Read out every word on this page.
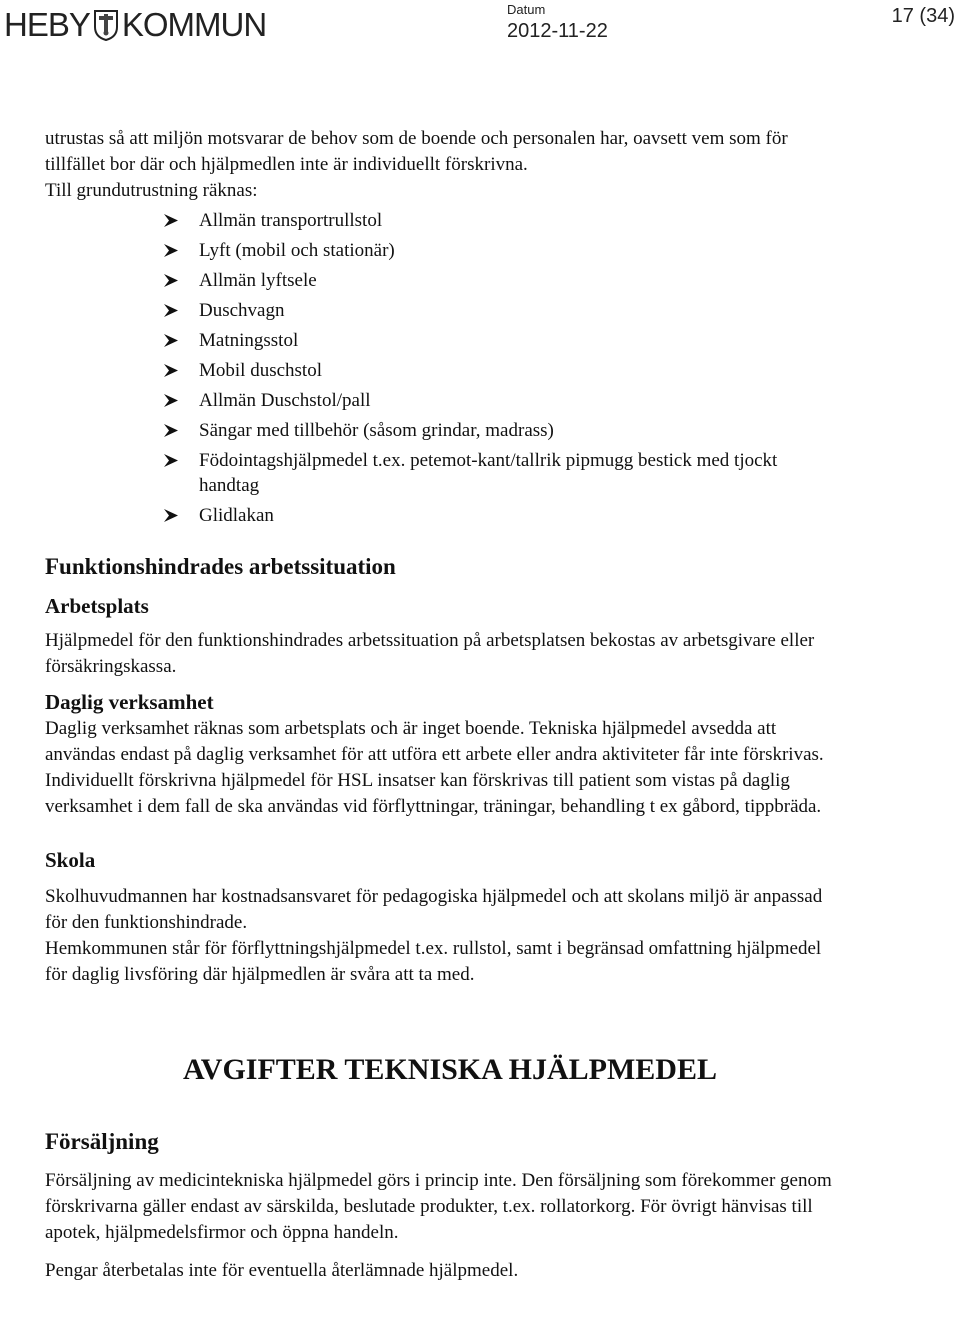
HEBY KOMMUN	Datum
2012-11-22
17 (34)

utrustas så att miljön motsvarar de behov som de boende och personalen har, oavsett vem som för tillfället bor där och hjälpmedlen inte är individuellt förskrivna.

Till grundutrustning räknas:

Allmän transportrullstol
Lyft (mobil och stationär)
Allmän lyftsele
Duschvagn
Matningsstol
Mobil duschstol
Allmän Duschstol/pall
Sängar med tillbehör (såsom grindar, madrass)
Födointagshjälpmedel t.ex. petemot-kant/tallrik pipmugg bestick med tjockt handtag
Glidlakan
Funktionshindrades arbetssituation
Arbetsplats

Hjälpmedel för den funktionshindrades arbetssituation på arbetsplatsen bekostas av arbetsgivare eller försäkringskassa.

Daglig verksamhet

Daglig verksamhet räknas som arbetsplats och är inget boende. Tekniska hjälpmedel avsedda att användas endast på daglig verksamhet för att utföra ett arbete eller andra aktiviteter får inte förskrivas.

Individuellt förskrivna hjälpmedel för HSL insatser kan förskrivas till patient som vistas på daglig verksamhet i dem fall de ska användas vid förflyttningar, träningar, behandling t ex gåbord, tippbräda.

Skola

Skolhuvudmannen har kostnadsansvaret för pedagogiska hjälpmedel och att skolans miljö är anpassad för den funktionshindrade.

Hemkommunen står för förflyttningshjälpmedel t.ex. rullstol, samt i begränsad omfattning hjälpmedel för daglig livsföring där hjälpmedlen är svåra att ta med.

AVGIFTER TEKNISKA HJÄLPMEDEL
Försäljning

Försäljning av medicintekniska hjälpmedel görs i princip inte. Den försäljning som förekommer genom förskrivarna gäller endast av särskilda, beslutade produkter, t.ex. rollatorkorg. För övrigt hänvisas till apotek, hjälpmedelsfirmor och öppna handeln.

Pengar återbetalas inte för eventuella återlämnade hjälpmedel.
